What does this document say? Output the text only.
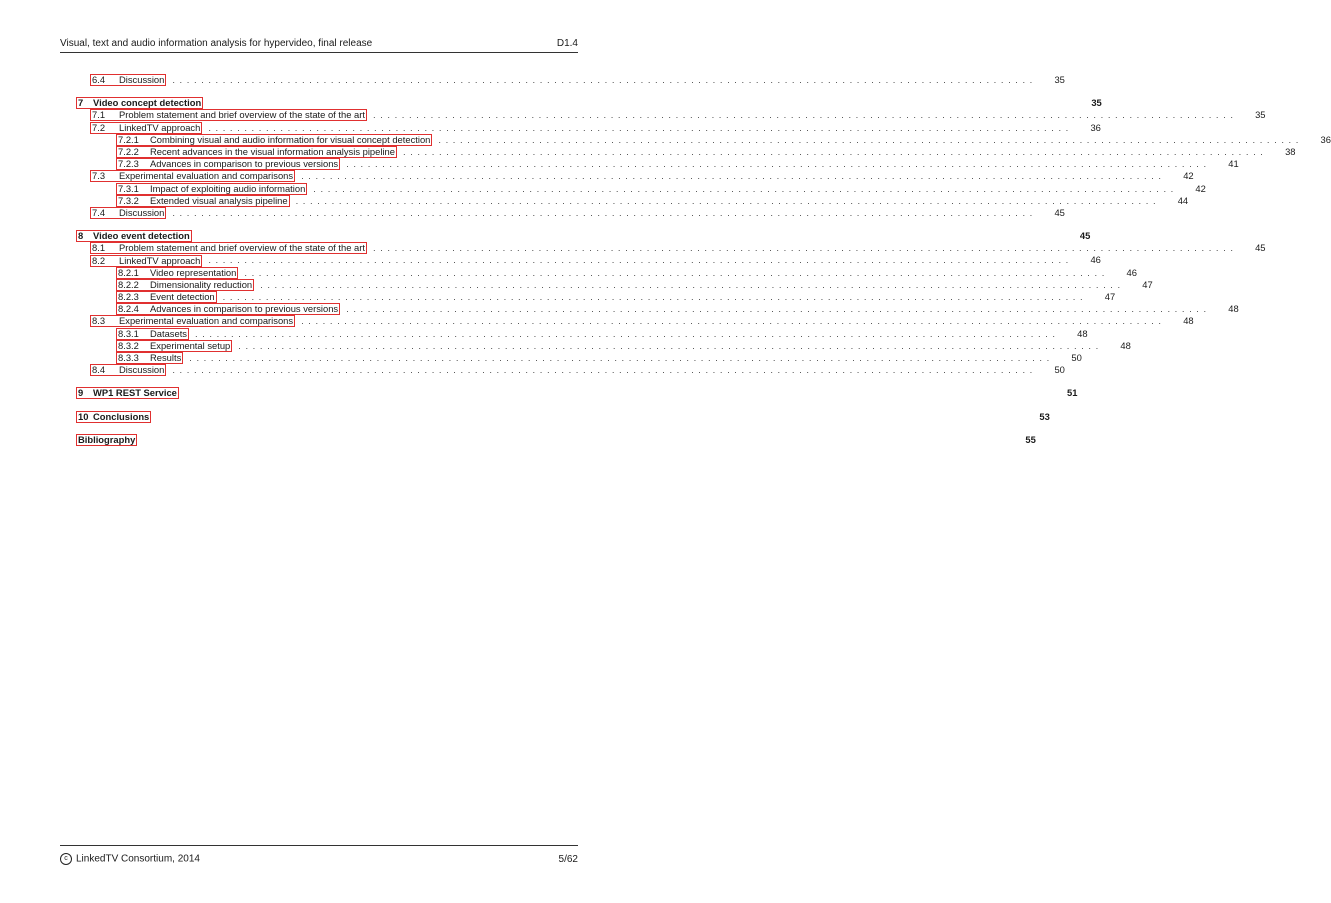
Visual, text and audio information analysis for hypervideo, final release	D1.4
6.4	Discussion ........................................................................................................................	35
7	Video concept detection	35
7.1	Problem statement and brief overview of the state of the art ........................................................................................................................	35
7.2	LinkedTV approach ........................................................................................................................	36
7.2.1	Combining visual and audio information for visual concept detection ........................................................................................................................	36
7.2.2	Recent advances in the visual information analysis pipeline ........................................................................................................................	38
7.2.3	Advances in comparison to previous versions ........................................................................................................................	41
7.3	Experimental evaluation and comparisons ........................................................................................................................	42
7.3.1	Impact of exploiting audio information ........................................................................................................................	42
7.3.2	Extended visual analysis pipeline ........................................................................................................................	44
7.4	Discussion ........................................................................................................................	45
8	Video event detection	45
8.1	Problem statement and brief overview of the state of the art ........................................................................................................................	45
8.2	LinkedTV approach ........................................................................................................................	46
8.2.1	Video representation ........................................................................................................................	46
8.2.2	Dimensionality reduction ........................................................................................................................	47
8.2.3	Event detection ........................................................................................................................	47
8.2.4	Advances in comparison to previous versions ........................................................................................................................	48
8.3	Experimental evaluation and comparisons ........................................................................................................................	48
8.3.1	Datasets ........................................................................................................................	48
8.3.2	Experimental setup ........................................................................................................................	48
8.3.3	Results ........................................................................................................................	50
8.4	Discussion ........................................................................................................................	50
9	WP1 REST Service	51
10 Conclusions	53
Bibliography	55
c LinkedTV Consortium, 2014	5/62
